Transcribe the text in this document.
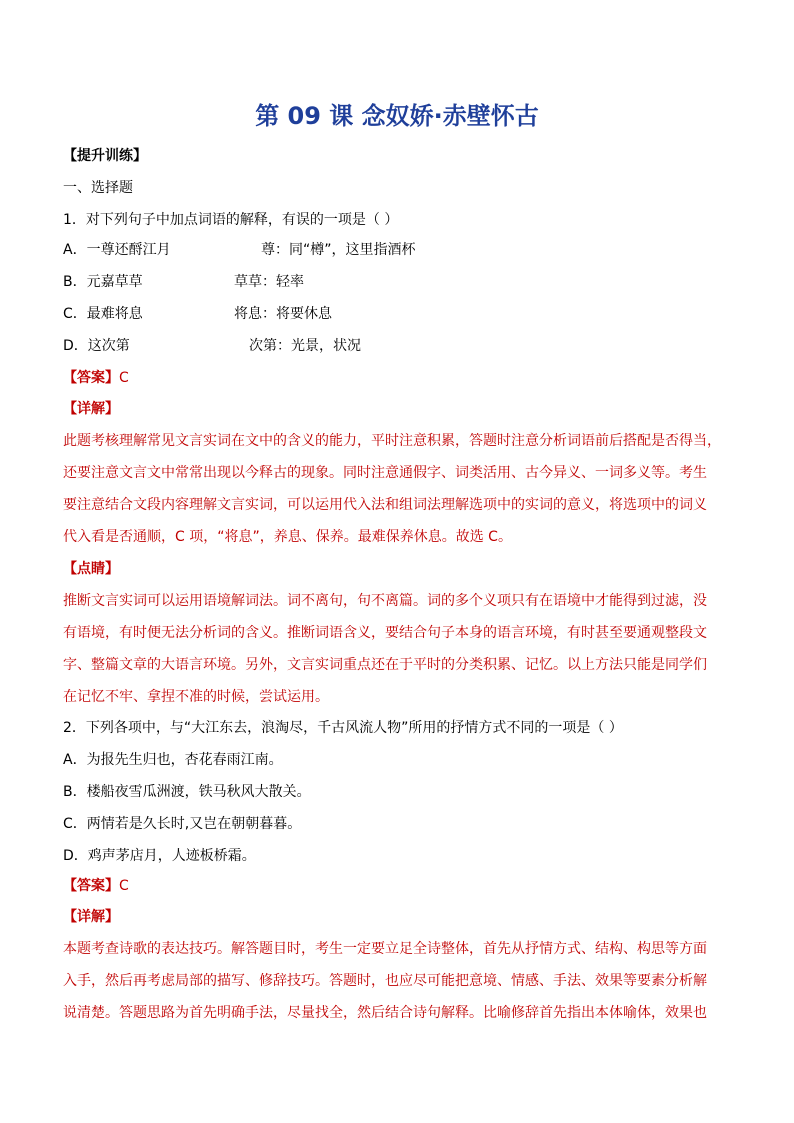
第 09 课 念奴娇·赤壁怀古
【提升训练】
一、选择题
1．对下列句子中加点词语的解释，有误的一项是（ ）
A．一尊还酹江月	尊：同“樽”，这里指酒杯
B．元嘉草草	草草：轻率
C．最难将息	将息：将要休息
D．这次第	次第：光景，状况
【答案】C
【详解】
此题考核理解常见文言实词在文中的含义的能力，平时注意积累，答题时注意分析词语前后搭配是否得当，
还要注意文言文中常常出现以今释古的现象。同时注意通假字、词类活用、古今异义、一词多义等。考生
要注意结合文段内容理解文言实词，可以运用代入法和组词法理解选项中的实词的意义，将选项中的词义
代入看是否通顺，C 项，“将息”，养息、保养。最难保养休息。故选 C。
【点睛】
推断文言实词可以运用语境解词法。词不离句，句不离篇。词的多个义项只有在语境中才能得到过滤，没
有语境，有时便无法分析词的含义。推断词语含义，要结合句子本身的语言环境，有时甚至要通观整段文
字、整篇文章的大语言环境。另外，文言实词重点还在于平时的分类积累、记忆。以上方法只能是同学们
在记忆不牢、拿捏不准的时候，尝试运用。
2．下列各项中，与“大江东去，浪淘尽，千古风流人物”所用的抒情方式不同的一项是（ ）
A．为报先生归也，杏花春雨江南。
B．楼船夜雪瓜洲渡，铁马秋风大散关。
C．两情若是久长时,又岂在朝朝暮暮。
D．鸡声茅店月，人迹板桥霜。
【答案】C
【详解】
本题考查诗歌的表达技巧。解答题目时，考生一定要立足全诗整体，首先从抒情方式、结构、构思等方面
入手，然后再考虑局部的描写、修辞技巧。答题时，也应尽可能把意境、情感、手法、效果等要素分析解
说清楚。答题思路为首先明确手法，尽量找全，然后结合诗句解释。比喻修辞首先指出本体喻体，效果也
